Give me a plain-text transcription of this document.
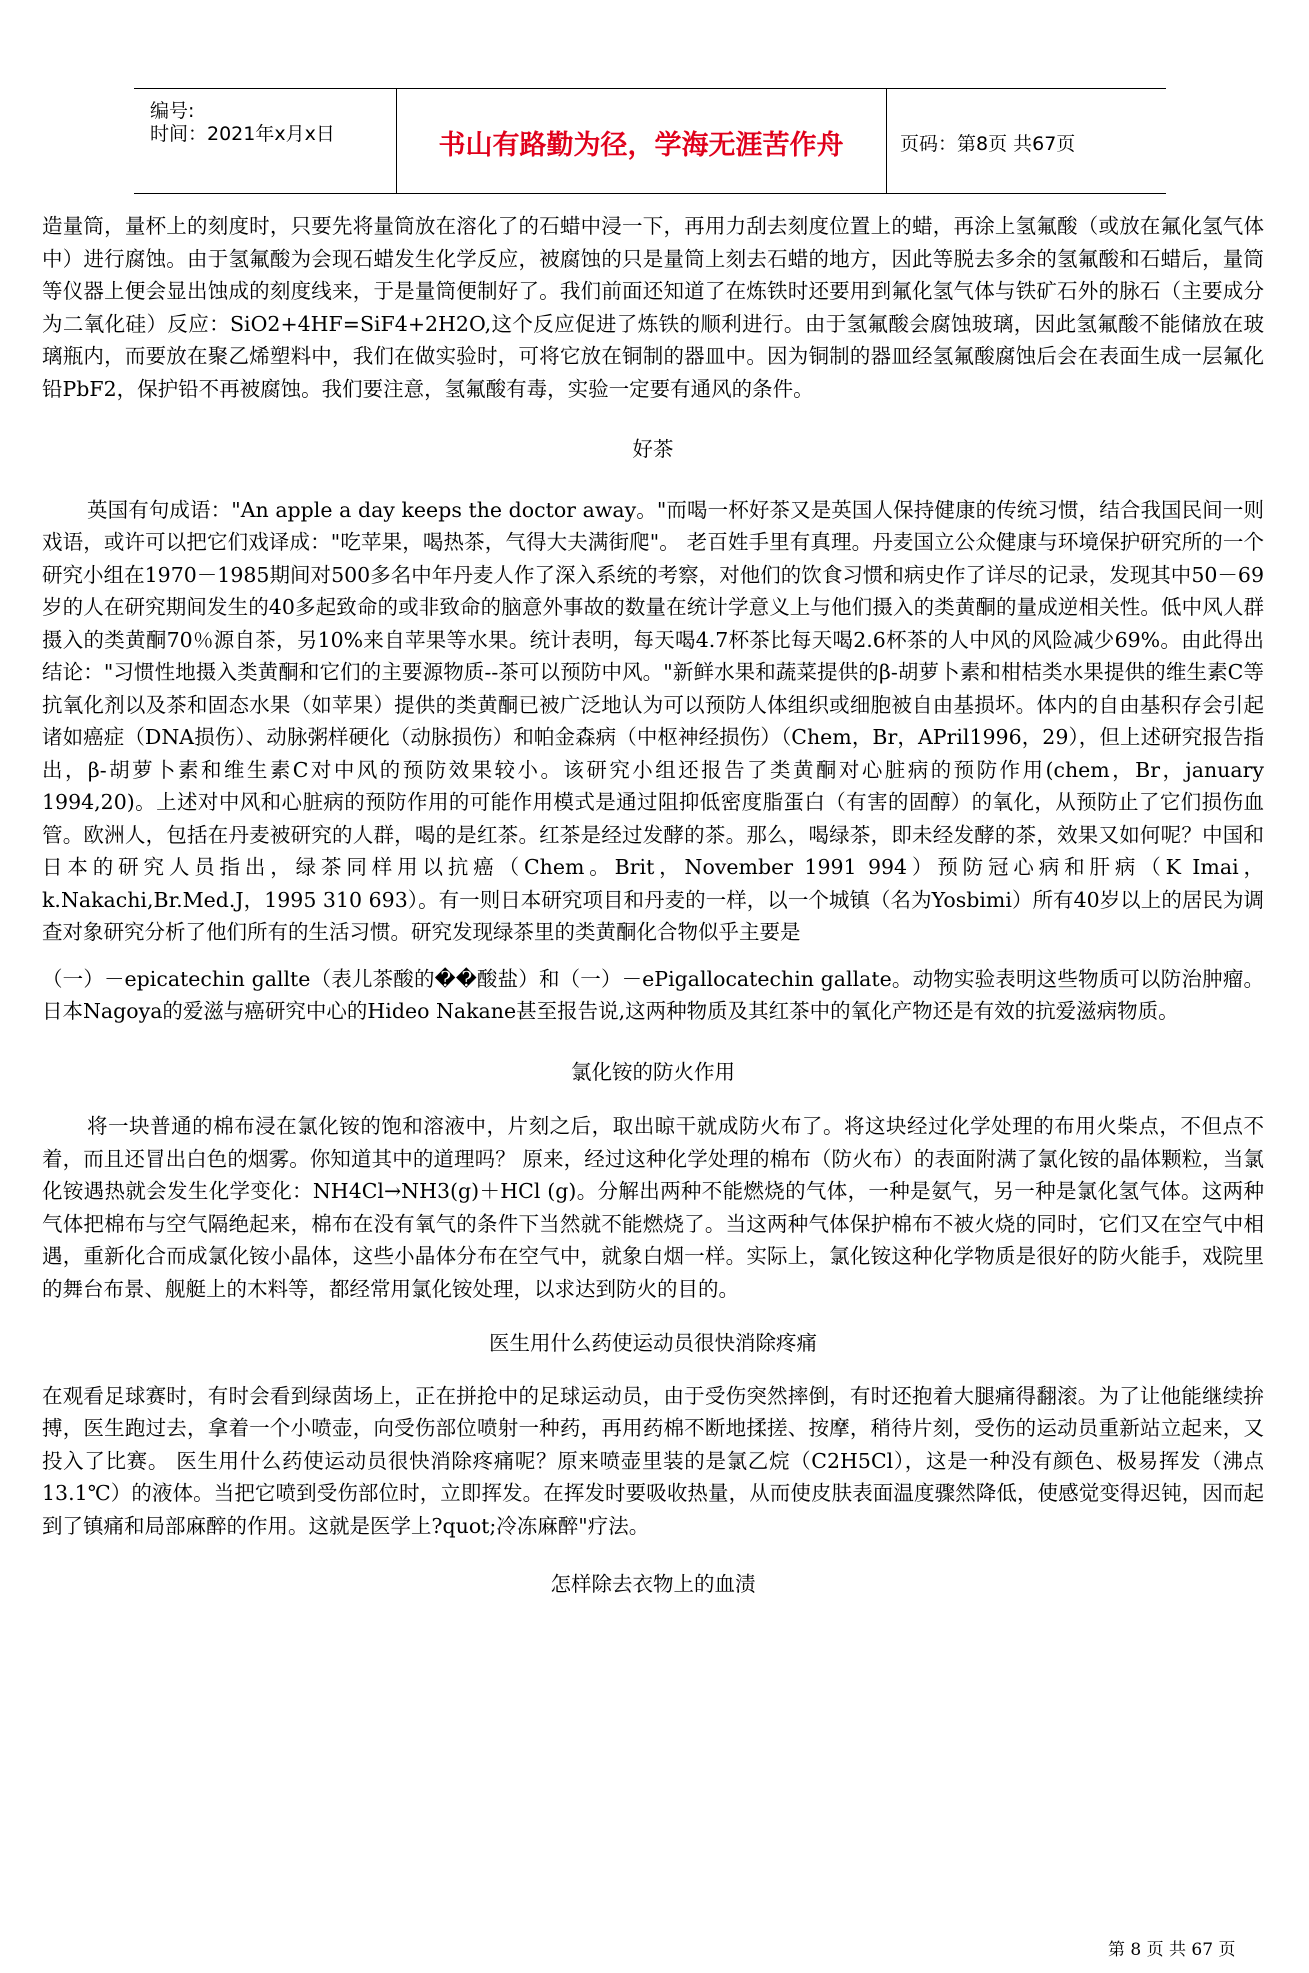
编号:
时间：2021年x月x日	书山有路勤为径，学海无涯苦作舟	页码：第8页 共67页

造量筒，量杯上的刻度时，只要先将量筒放在溶化了的石蜡中浸一下，再用力刮去刻度位置上的蜡，再涂上氢氟酸（或放在氟化氢气体中）进行腐蚀。由于氢氟酸为会现石蜡发生化学反应，被腐蚀的只是量筒上刻去石蜡的地方，因此等脱去多余的氢氟酸和石蜡后，量筒等仪器上便会显出蚀成的刻度线来，于是量筒便制好了。我们前面还知道了在炼铁时还要用到氟化氢气体与铁矿石外的脉石（主要成分为二氧化硅）反应：SiO2+4HF=SiF4+2H2O,这个反应促进了炼铁的顺利进行。由于氢氟酸会腐蚀玻璃，因此氢氟酸不能储放在玻璃瓶内，而要放在聚乙烯塑料中，我们在做实验时，可将它放在铜制的器皿中。因为铜制的器皿经氢氟酸腐蚀后会在表面生成一层氟化铅PbF2，保护铅不再被腐蚀。我们要注意，氢氟酸有毒，实验一定要有通风的条件。

好茶

英国有句成语："An apple a day keeps the doctor away。"而喝一杯好茶又是英国人保持健康的传统习惯，结合我国民间一则戏语，或许可以把它们戏译成："吃苹果，喝热茶，气得大夫满街爬"。 老百姓手里有真理。丹麦国立公众健康与环境保护研究所的一个研究小组在1970－1985期间对500多名中年丹麦人作了深入系统的考察，对他们的饮食习惯和病史作了详尽的记录，发现其中50－69岁的人在研究期间发生的40多起致命的或非致命的脑意外事故的数量在统计学意义上与他们摄入的类黄酮的量成逆相关性。低中风人群摄入的类黄酮70％源自茶，另10%来自苹果等水果。统计表明，每天喝4.7杯茶比每天喝2.6杯茶的人中风的风险减少69%。由此得出结论："习惯性地摄入类黄酮和它们的主要源物质--茶可以预防中风。"新鲜水果和蔬菜提供的β-胡萝卜素和柑桔类水果提供的维生素C等抗氧化剂以及茶和固态水果（如苹果）提供的类黄酮已被广泛地认为可以预防人体组织或细胞被自由基损坏。体内的自由基积存会引起诸如癌症（DNA损伤）、动脉粥样硬化（动脉损伤）和帕金森病（中枢神经损伤）（Chem，Br，APril1996，29），但上述研究报告指出，β-胡萝卜素和维生素C对中风的预防效果较小。该研究小组还报告了类黄酮对心脏病的预防作用(chem，Br，january 1994,20)。上述对中风和心脏病的预防作用的可能作用模式是通过阻抑低密度脂蛋白（有害的固醇）的氧化，从预防止了它们损伤血管。欧洲人，包括在丹麦被研究的人群，喝的是红茶。红茶是经过发酵的茶。那么，喝绿茶，即未经发酵的茶，效果又如何呢？中国和日本的研究人员指出，绿茶同样用以抗癌（Chem。Brit，November 1991 994）预防冠心病和肝病（K Imai，k.Nakachi,Br.Med.J，1995 310 693）。有一则日本研究项目和丹麦的一样，以一个城镇（名为Yosbimi）所有40岁以上的居民为调查对象研究分析了他们所有的生活习惯。研究发现绿茶里的类黄酮化合物似乎主要是

（一）－epicatechin gallte（表儿茶酸的��酸盐）和（一）－ePigallocatechin gallate。动物实验表明这些物质可以防治肿瘤。日本Nagoya的爱滋与癌研究中心的Hideo Nakane甚至报告说,这两种物质及其红茶中的氧化产物还是有效的抗爱滋病物质。

氯化铵的防火作用

将一块普通的棉布浸在氯化铵的饱和溶液中，片刻之后，取出晾干就成防火布了。将这块经过化学处理的布用火柴点，不但点不着，而且还冒出白色的烟雾。你知道其中的道理吗？ 原来，经过这种化学处理的棉布（防火布）的表面附满了氯化铵的晶体颗粒，当氯化铵遇热就会发生化学变化：NH4Cl→NH3(g)＋HCl (g)。分解出两种不能燃烧的气体，一种是氨气，另一种是氯化氢气体。这两种气体把棉布与空气隔绝起来，棉布在没有氧气的条件下当然就不能燃烧了。当这两种气体保护棉布不被火烧的同时，它们又在空气中相遇，重新化合而成氯化铵小晶体，这些小晶体分布在空气中，就象白烟一样。实际上，氯化铵这种化学物质是很好的防火能手，戏院里的舞台布景、舰艇上的木料等，都经常用氯化铵处理，以求达到防火的目的。

医生用什么药使运动员很快消除疼痛

在观看足球赛时，有时会看到绿茵场上，正在拼抢中的足球运动员，由于受伤突然摔倒，有时还抱着大腿痛得翻滚。为了让他能继续拚搏，医生跑过去，拿着一个小喷壶，向受伤部位喷射一种药，再用药棉不断地揉搓、按摩，稍待片刻，受伤的运动员重新站立起来，又投入了比赛。 医生用什么药使运动员很快消除疼痛呢？原来喷壶里装的是氯乙烷（C2H5Cl），这是一种没有颜色、极易挥发（沸点13.1℃）的液体。当把它喷到受伤部位时，立即挥发。在挥发时要吸收热量，从而使皮肤表面温度骤然降低，使感觉变得迟钝，因而起到了镇痛和局部麻醉的作用。这就是医学上?quot;冷冻麻醉"疗法。

怎样除去衣物上的血渍

第 8 页 共 67 页
